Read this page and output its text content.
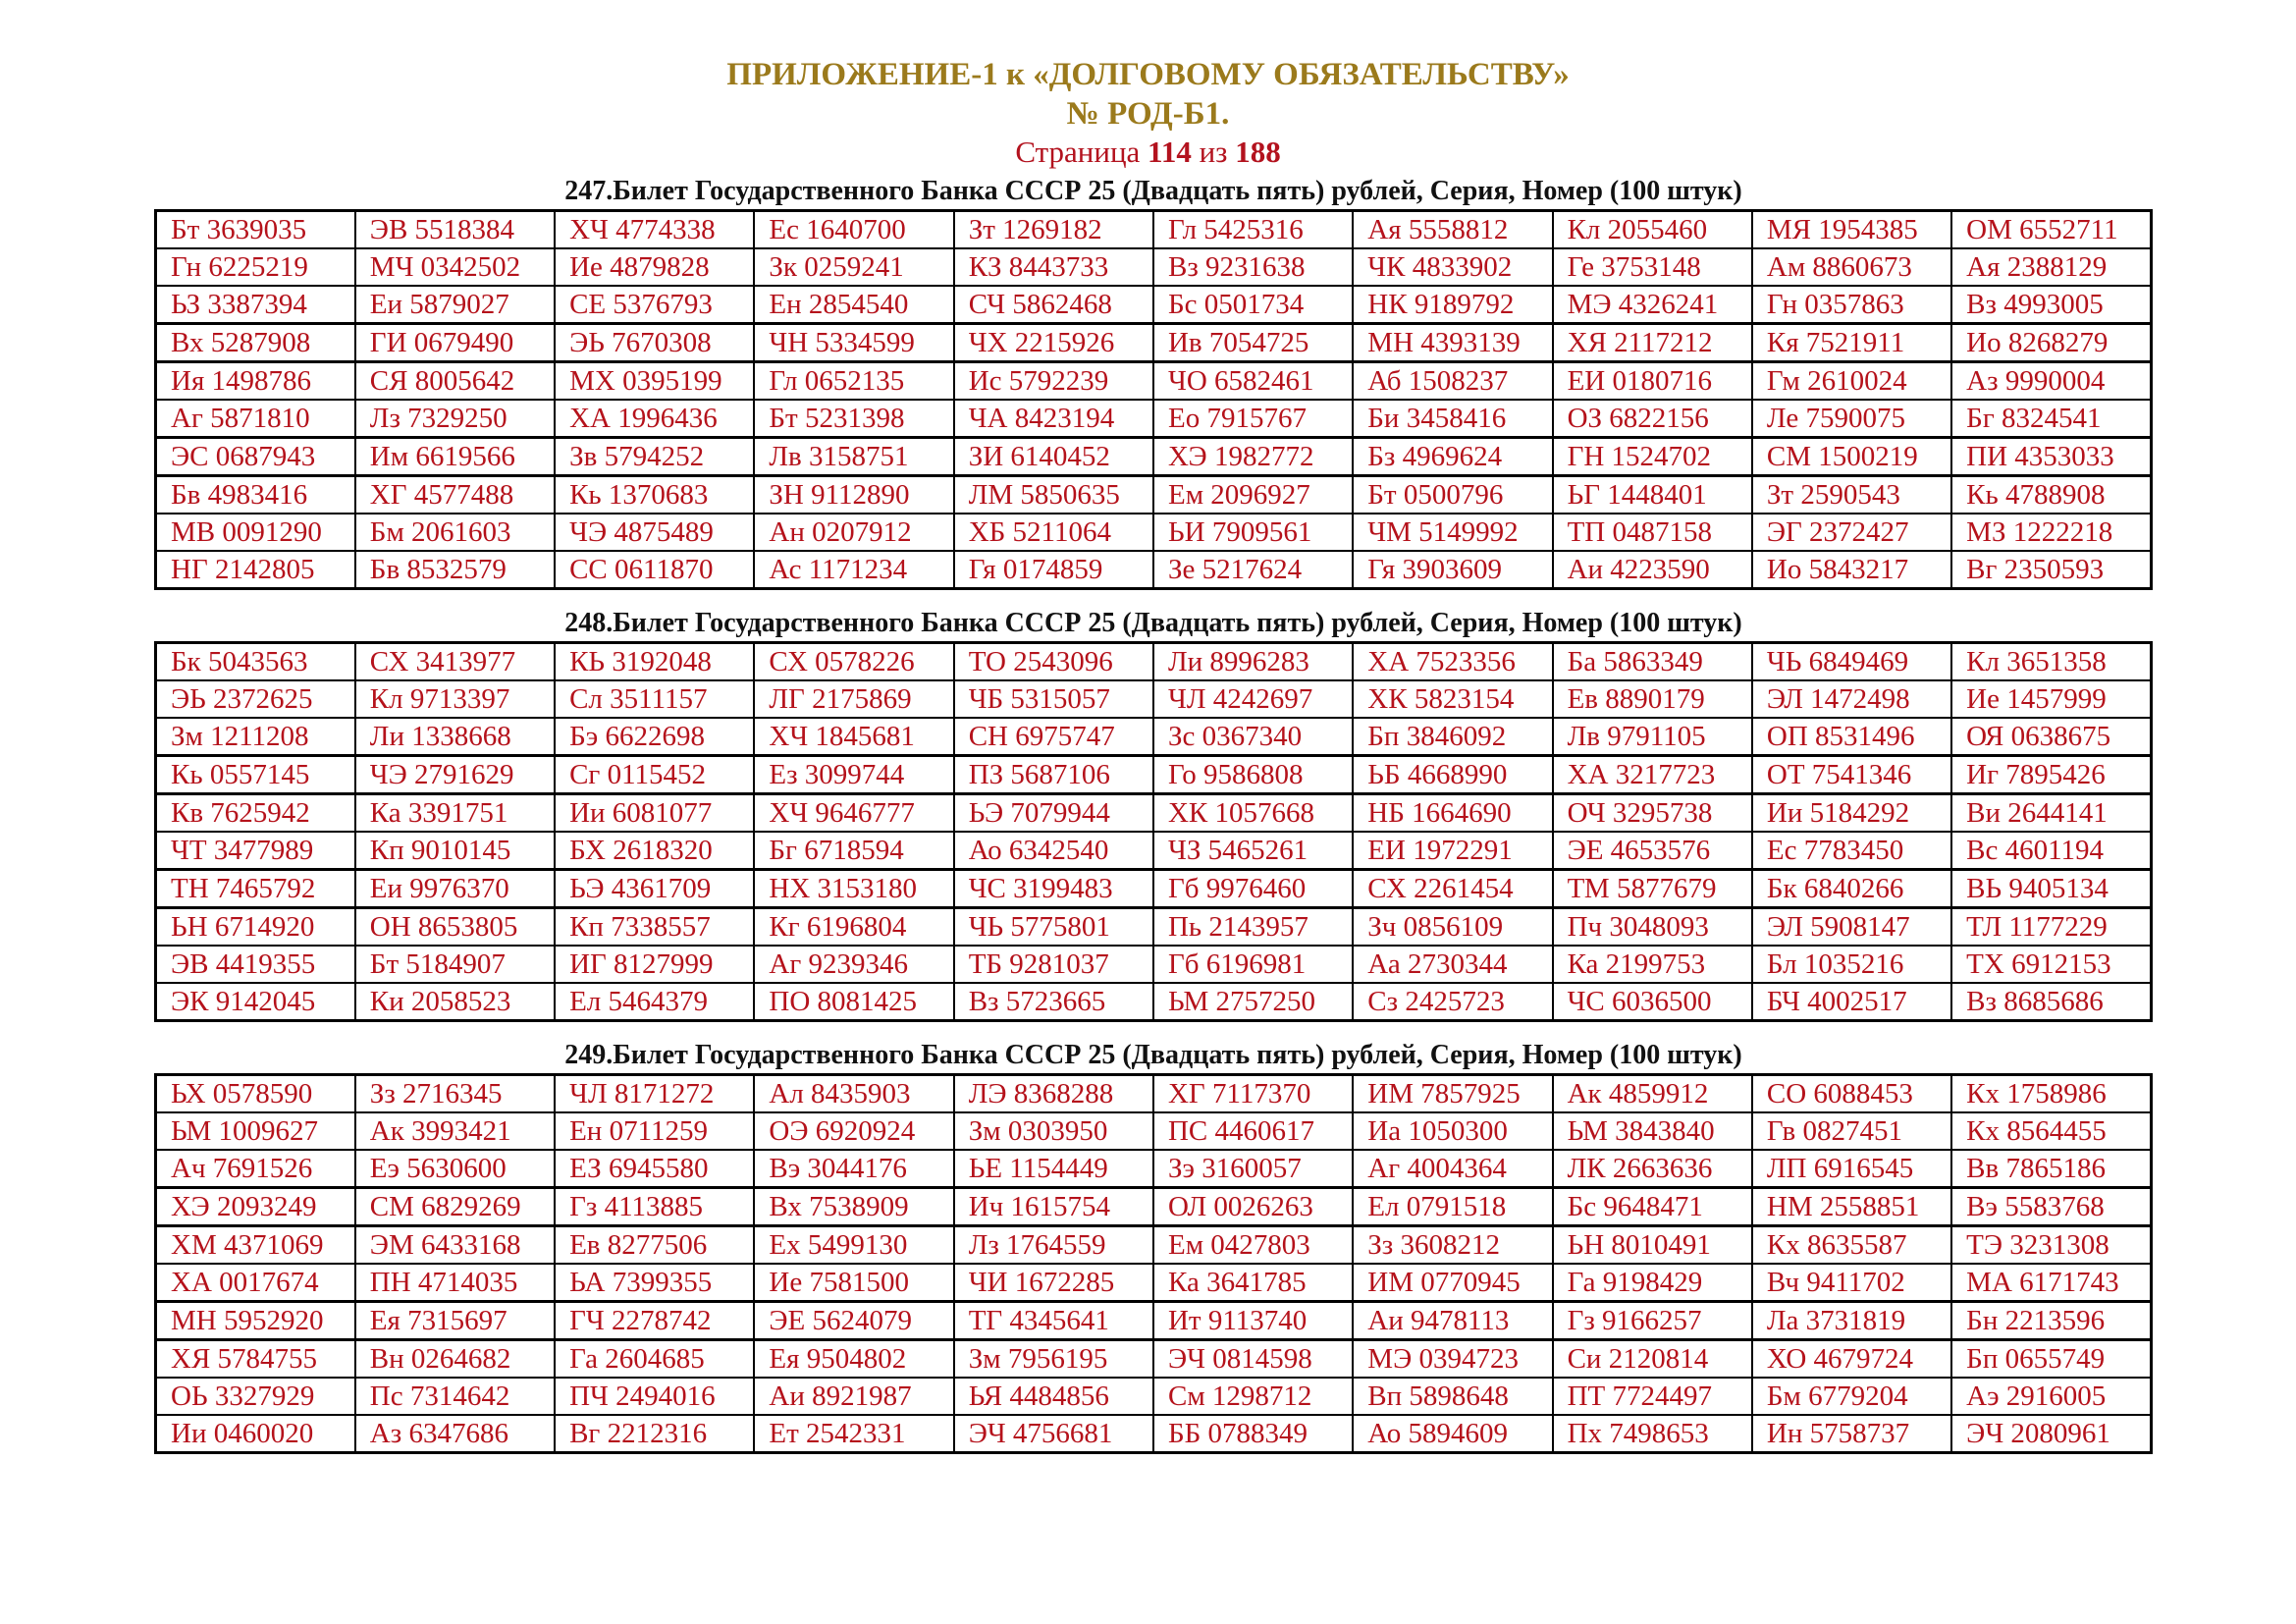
ПРИЛОЖЕНИЕ-1 к «ДОЛГОВОМУ ОБЯЗАТЕЛЬСТВУ»
№ РОД-Б1.
Страница 114 из 188
247.Билет Государственного Банка СССР 25 (Двадцать пять) рублей, Серия, Номер (100 штук)
Бт 3639035	ЭВ 5518384	ХЧ 4774338	Ес 1640700	Зт 1269182	Гл 5425316	Ая 5558812	Кл 2055460	МЯ 1954385	ОМ 6552711
Гн 6225219	МЧ 0342502	Ие 4879828	Зк 0259241	КЗ 8443733	Вз 9231638	ЧК 4833902	Ге 3753148	Ам 8860673	Ая 2388129
ЬЗ 3387394	Еи 5879027	СЕ 5376793	Ен 2854540	СЧ 5862468	Бс 0501734	НК 9189792	МЭ 4326241	Гн 0357863	Вз 4993005
Вх 5287908	ГИ 0679490	ЭЬ 7670308	ЧН 5334599	ЧХ 2215926	Ив 7054725	МН 4393139	ХЯ 2117212	Кя 7521911	Ио 8268279
Ия 1498786	СЯ 8005642	МХ 0395199	Гл 0652135	Ис 5792239	ЧО 6582461	Аб 1508237	ЕИ 0180716	Гм 2610024	Аз 9990004
Аг 5871810	Лз 7329250	ХА 1996436	Бт 5231398	ЧА 8423194	Ео 7915767	Би 3458416	ОЗ 6822156	Ле 7590075	Бг 8324541
ЭС 0687943	Им 6619566	Зв 5794252	Лв 3158751	ЗИ 6140452	ХЭ 1982772	Бз 4969624	ГН 1524702	СМ 1500219	ПИ 4353033
Бв 4983416	ХГ 4577488	Кь 1370683	ЗН 9112890	ЛМ 5850635	Ем 2096927	Бт 0500796	ЬГ 1448401	Зт 2590543	Кь 4788908
МВ 0091290	Бм 2061603	ЧЭ 4875489	Ан 0207912	ХБ 5211064	ЬИ 7909561	ЧМ 5149992	ТП 0487158	ЭГ 2372427	МЗ 1222218
НГ 2142805	Бв 8532579	СС 0611870	Ас 1171234	Гя 0174859	Зе 5217624	Гя 3903609	Аи 4223590	Ио 5843217	Вг 2350593
248.Билет Государственного Банка СССР 25 (Двадцать пять) рублей, Серия, Номер (100 штук)
Бк 5043563	СХ 3413977	КЬ 3192048	СХ 0578226	ТО 2543096	Ли 8996283	ХА 7523356	Ба 5863349	ЧЬ 6849469	Кл 3651358
ЭЬ 2372625	Кл 9713397	Сл 3511157	ЛГ 2175869	ЧБ 5315057	ЧЛ 4242697	ХК 5823154	Ев 8890179	ЭЛ 1472498	Ие 1457999
Зм 1211208	Ли 1338668	Бэ 6622698	ХЧ 1845681	СН 6975747	Зс 0367340	Бп 3846092	Лв 9791105	ОП 8531496	ОЯ 0638675
Кь 0557145	ЧЭ 2791629	Сг 0115452	Ез 3099744	ПЗ 5687106	Го 9586808	ЬБ 4668990	ХА 3217723	ОТ 7541346	Иг 7895426
Кв 7625942	Ка 3391751	Ии 6081077	ХЧ 9646777	ЬЭ 7079944	ХК 1057668	НБ 1664690	ОЧ 3295738	Ии 5184292	Ви 2644141
ЧТ 3477989	Кп 9010145	БХ 2618320	Бг 6718594	Ао 6342540	ЧЗ 5465261	ЕИ 1972291	ЭЕ 4653576	Ес 7783450	Вс 4601194
ТН 7465792	Еи 9976370	ЬЭ 4361709	НХ 3153180	ЧС 3199483	Гб 9976460	СХ 2261454	ТМ 5877679	Бк 6840266	ВЬ 9405134
ЬН 6714920	ОН 8653805	Кп 7338557	Кг 6196804	ЧЬ 5775801	Пь 2143957	Зч 0856109	Пч 3048093	ЭЛ 5908147	ТЛ 1177229
ЭВ 4419355	Бт 5184907	ИГ 8127999	Аг 9239346	ТБ 9281037	Гб 6196981	Аа 2730344	Ка 2199753	Бл 1035216	ТХ 6912153
ЭК 9142045	Ки 2058523	Ел 5464379	ПО 8081425	Вз 5723665	ЬМ 2757250	Сз 2425723	ЧС 6036500	БЧ 4002517	Вз 8685686
249.Билет Государственного Банка СССР 25 (Двадцать пять) рублей, Серия, Номер (100 штук)
ЬХ 0578590	Зз 2716345	ЧЛ 8171272	Ал 8435903	ЛЭ 8368288	ХГ 7117370	ИМ 7857925	Ак 4859912	СО 6088453	Кх 1758986
ЬМ 1009627	Ак 3993421	Ен 0711259	ОЭ 6920924	Зм 0303950	ПС 4460617	Иа 1050300	ЬМ 3843840	Гв 0827451	Кх 8564455
Ач 7691526	Еэ 5630600	ЕЗ 6945580	Вэ 3044176	ЬЕ 1154449	Зэ 3160057	Аг 4004364	ЛК 2663636	ЛП 6916545	Вв 7865186
ХЭ 2093249	СМ 6829269	Гз 4113885	Вх 7538909	Ич 1615754	ОЛ 0026263	Ел 0791518	Бс 9648471	НМ 2558851	Вэ 5583768
ХМ 4371069	ЭМ 6433168	Ев 8277506	Ех 5499130	Лз 1764559	Ем 0427803	Зз 3608212	ЬН 8010491	Кх 8635587	ТЭ 3231308
ХА 0017674	ПН 4714035	ЬА 7399355	Ие 7581500	ЧИ 1672285	Ка 3641785	ИМ 0770945	Га 9198429	Вч 9411702	МА 6171743
МН 5952920	Ея 7315697	ГЧ 2278742	ЭЕ 5624079	ТГ 4345641	Ит 9113740	Аи 9478113	Гз 9166257	Ла 3731819	Бн 2213596
ХЯ 5784755	Вн 0264682	Га 2604685	Ея 9504802	Зм 7956195	ЭЧ 0814598	МЭ 0394723	Си 2120814	ХО 4679724	Бп 0655749
ОЬ 3327929	Пс 7314642	ПЧ 2494016	Аи 8921987	ЬЯ 4484856	См 1298712	Вп 5898648	ПТ 7724497	Бм 6779204	Аэ 2916005
Ии 0460020	Аз 6347686	Вг 2212316	Ет 2542331	ЭЧ 4756681	ББ 0788349	Ао 5894609	Пх 7498653	Ин 5758737	ЭЧ 2080961
